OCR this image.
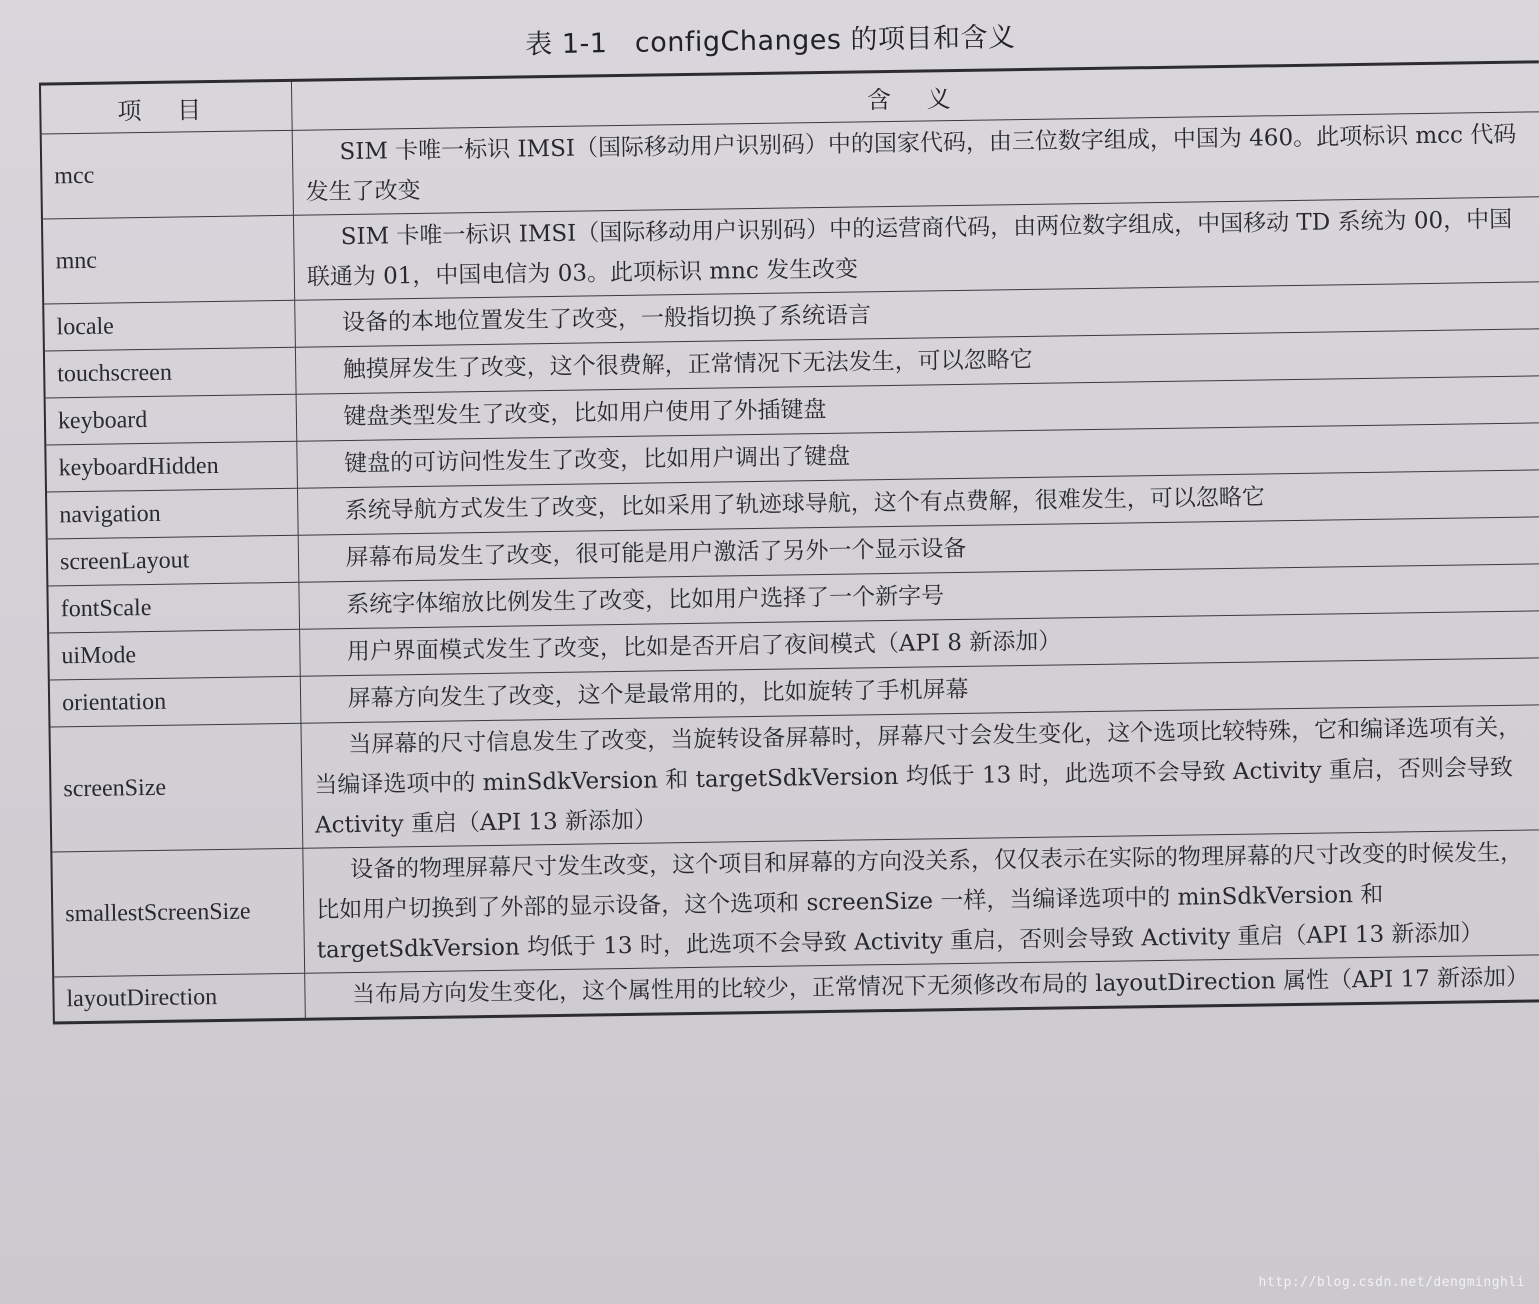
表 1-1　configChanges 的项目和含义
项 目	含 义
mcc	SIM 卡唯一标识 IMSI（国际移动用户识别码）中的国家代码，由三位数字组成，中国为 460。此项标识 mcc 代码发生了改变
mnc	SIM 卡唯一标识 IMSI（国际移动用户识别码）中的运营商代码，由两位数字组成，中国移动 TD 系统为 00，中国联通为 01，中国电信为 03。此项标识 mnc 发生改变
locale	设备的本地位置发生了改变，一般指切换了系统语言
touchscreen	触摸屏发生了改变，这个很费解，正常情况下无法发生，可以忽略它
keyboard	键盘类型发生了改变，比如用户使用了外插键盘
keyboardHidden	键盘的可访问性发生了改变，比如用户调出了键盘
navigation	系统导航方式发生了改变，比如采用了轨迹球导航，这个有点费解，很难发生，可以忽略它
screenLayout	屏幕布局发生了改变，很可能是用户激活了另外一个显示设备
fontScale	系统字体缩放比例发生了改变，比如用户选择了一个新字号
uiMode	用户界面模式发生了改变，比如是否开启了夜间模式（API 8 新添加）
orientation	屏幕方向发生了改变，这个是最常用的，比如旋转了手机屏幕
screenSize	当屏幕的尺寸信息发生了改变，当旋转设备屏幕时，屏幕尺寸会发生变化，这个选项比较特殊，它和编译选项有关，当编译选项中的 minSdkVersion 和 targetSdkVersion 均低于 13 时，此选项不会导致 Activity 重启，否则会导致 Activity 重启（API 13 新添加）
smallestScreenSize	设备的物理屏幕尺寸发生改变，这个项目和屏幕的方向没关系，仅仅表示在实际的物理屏幕的尺寸改变的时候发生，比如用户切换到了外部的显示设备，这个选项和 screenSize 一样，当编译选项中的 minSdkVersion 和 targetSdkVersion 均低于 13 时，此选项不会导致 Activity 重启，否则会导致 Activity 重启（API 13 新添加）
layoutDirection	当布局方向发生变化，这个属性用的比较少，正常情况下无须修改布局的 layoutDirection 属性（API 17 新添加）
http://blog.csdn.net/dengminghli
